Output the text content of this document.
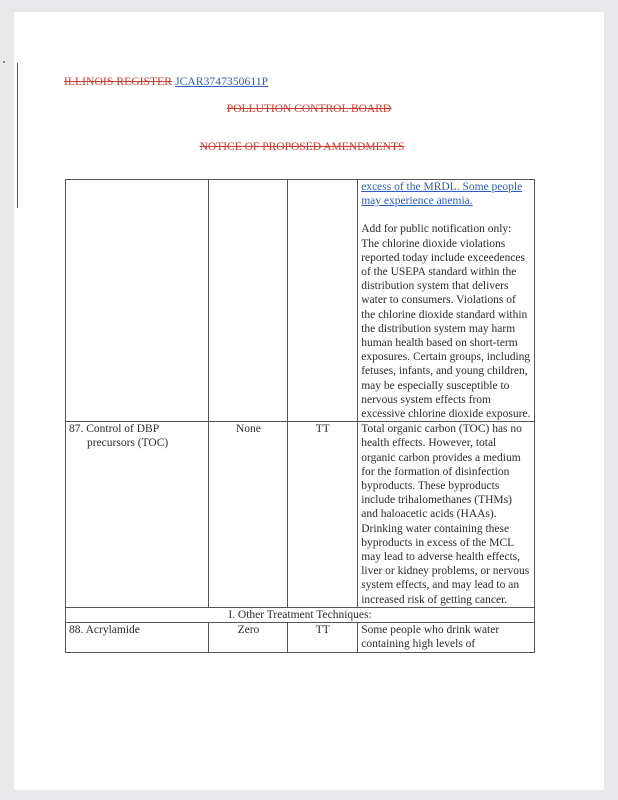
ILLINOIS REGISTER JCAR3747350611P
POLLUTION CONTROL BOARD
NOTICE OF PROPOSED AMENDMENTS

			excess of the MRDL. Some people may experience anemia.

Add for public notification only: The chlorine dioxide violations reported today include exceedences of the USEPA standard within the distribution system that delivers water to consumers. Violations of the chlorine dioxide standard within the distribution system may harm human health based on short-term exposures. Certain groups, including fetuses, infants, and young children, may be especially susceptible to nervous system effects from excessive chlorine dioxide exposure.

87. Control of DBP precursors (TOC)	None	TT	Total organic carbon (TOC) has no health effects. However, total organic carbon provides a medium for the formation of disinfection byproducts. These byproducts include trihalomethanes (THMs) and haloacetic acids (HAAs). Drinking water containing these byproducts in excess of the MCL may lead to adverse health effects, liver or kidney problems, or nervous system effects, and may lead to an increased risk of getting cancer.
I. Other Treatment Techniques:			

88. Acrylamide	Zero	TT	Some people who drink water containing high levels of
